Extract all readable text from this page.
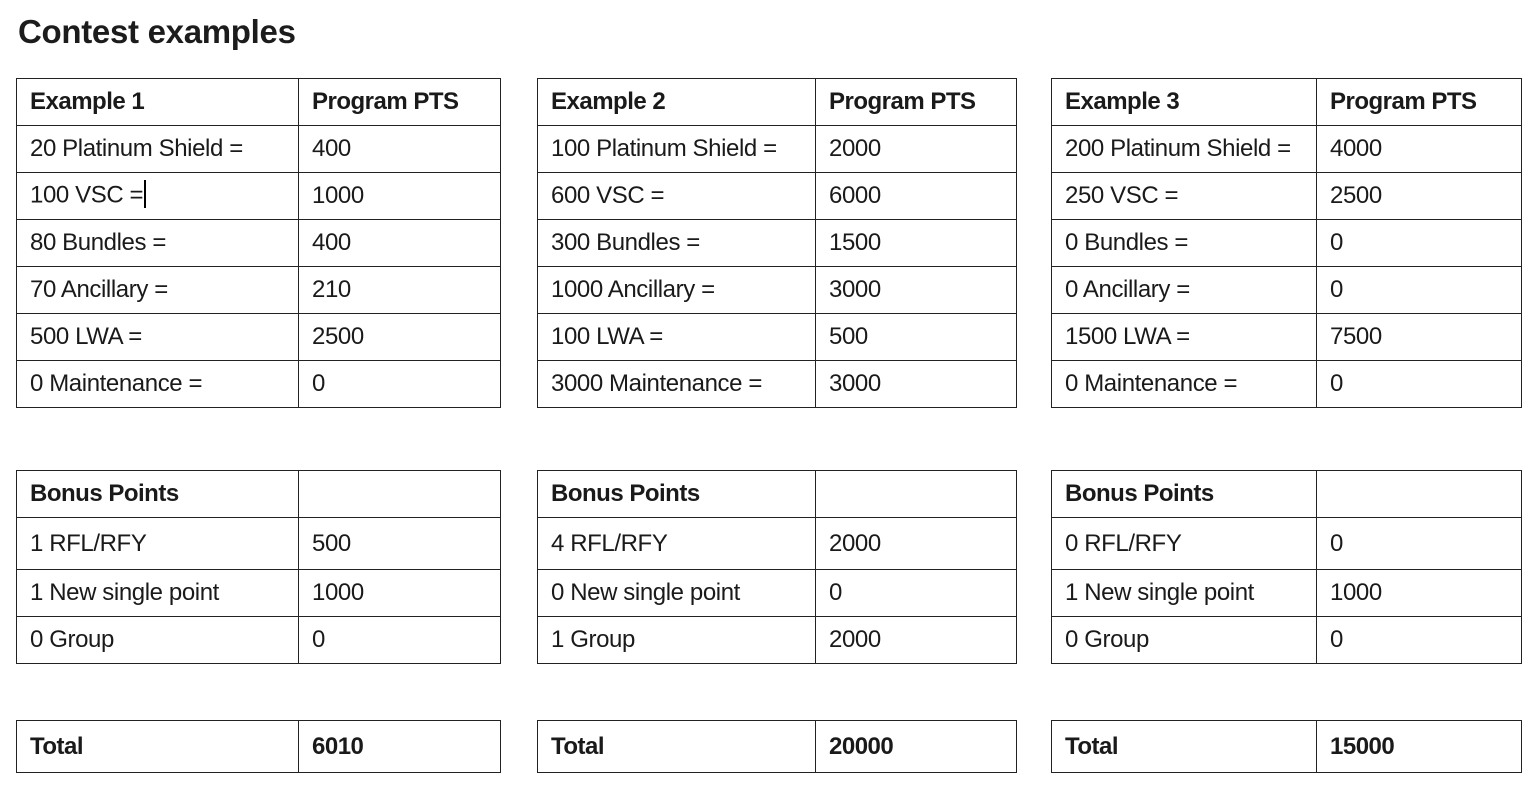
Contest examples
Example 1	Program PTS
20 Platinum Shield =	400
100 VSC =	1000
80 Bundles =	400
70 Ancillary =	210
500 LWA =	2500
0 Maintenance =	0
Bonus Points	
1 RFL/RFY	500
1 New single point	1000
0 Group	0
Total	6010
Example 2	Program PTS
100 Platinum Shield =	2000
600 VSC =	6000
300 Bundles =	1500
1000 Ancillary =	3000
100 LWA =	500
3000 Maintenance =	3000
Bonus Points	
4 RFL/RFY	2000
0 New single point	0
1 Group	2000
Total	20000
Example 3	Program PTS
200 Platinum Shield =	4000
250 VSC =	2500
0 Bundles =	0
0 Ancillary =	0
1500 LWA =	7500
0 Maintenance =	0
Bonus Points	
0 RFL/RFY	0
1 New single point	1000
0 Group	0
Total	15000
